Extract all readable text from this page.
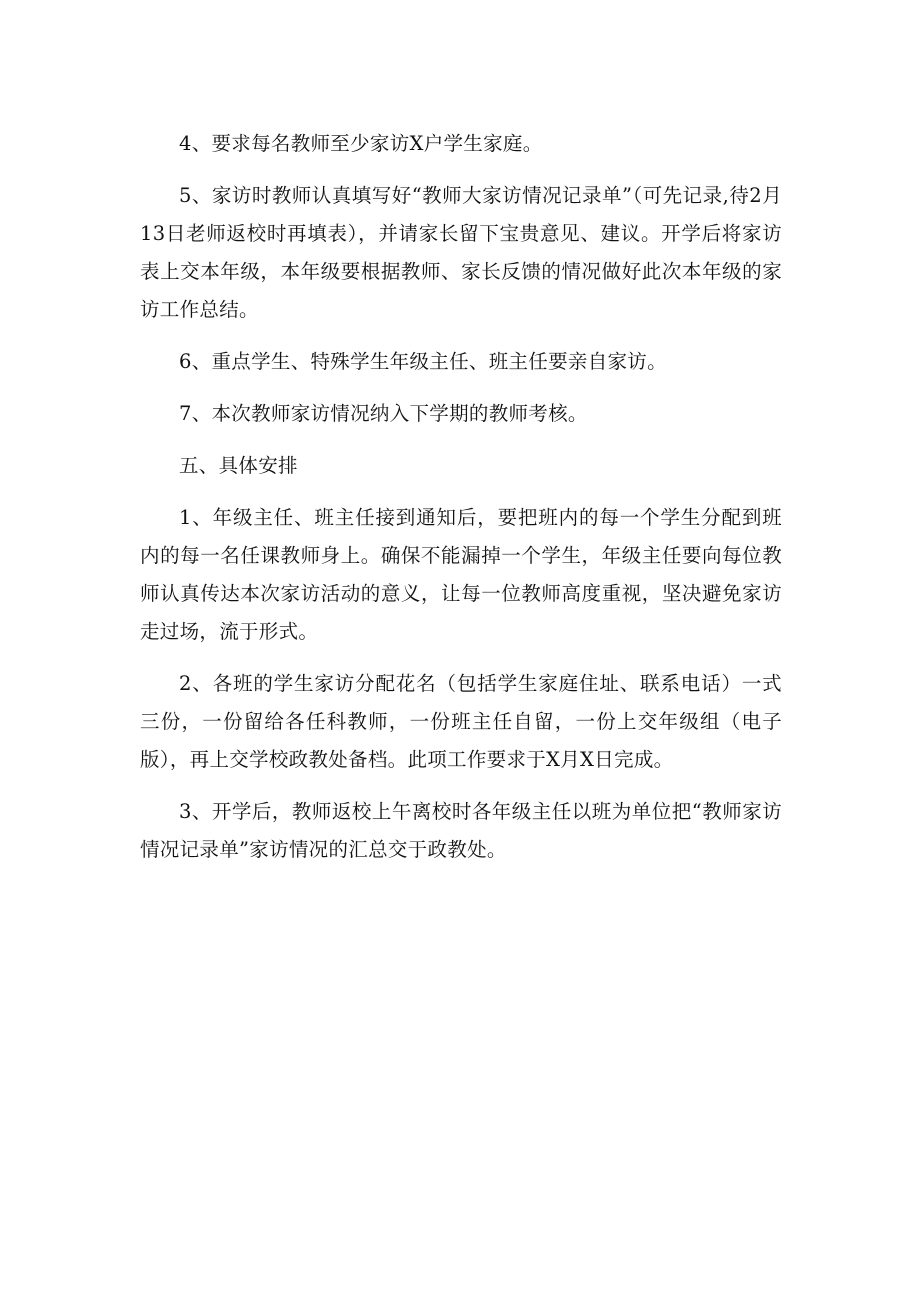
4、要求每名教师至少家访X户学生家庭。

5、家访时教师认真填写好“教师大家访情况记录单”（可先记录,待2月13日老师返校时再填表），并请家长留下宝贵意见、建议。开学后将家访表上交本年级，本年级要根据教师、家长反馈的情况做好此次本年级的家访工作总结。

6、重点学生、特殊学生年级主任、班主任要亲自家访。

7、本次教师家访情况纳入下学期的教师考核。

五、具体安排

1、年级主任、班主任接到通知后，要把班内的每一个学生分配到班内的每一名任课教师身上。确保不能漏掉一个学生，年级主任要向每位教师认真传达本次家访活动的意义，让每一位教师高度重视，坚决避免家访走过场，流于形式。

2、各班的学生家访分配花名（包括学生家庭住址、联系电话）一式三份，一份留给各任科教师，一份班主任自留，一份上交年级组（电子版），再上交学校政教处备档。此项工作要求于X月X日完成。

3、开学后，教师返校上午离校时各年级主任以班为单位把“教师家访情况记录单”家访情况的汇总交于政教处。
